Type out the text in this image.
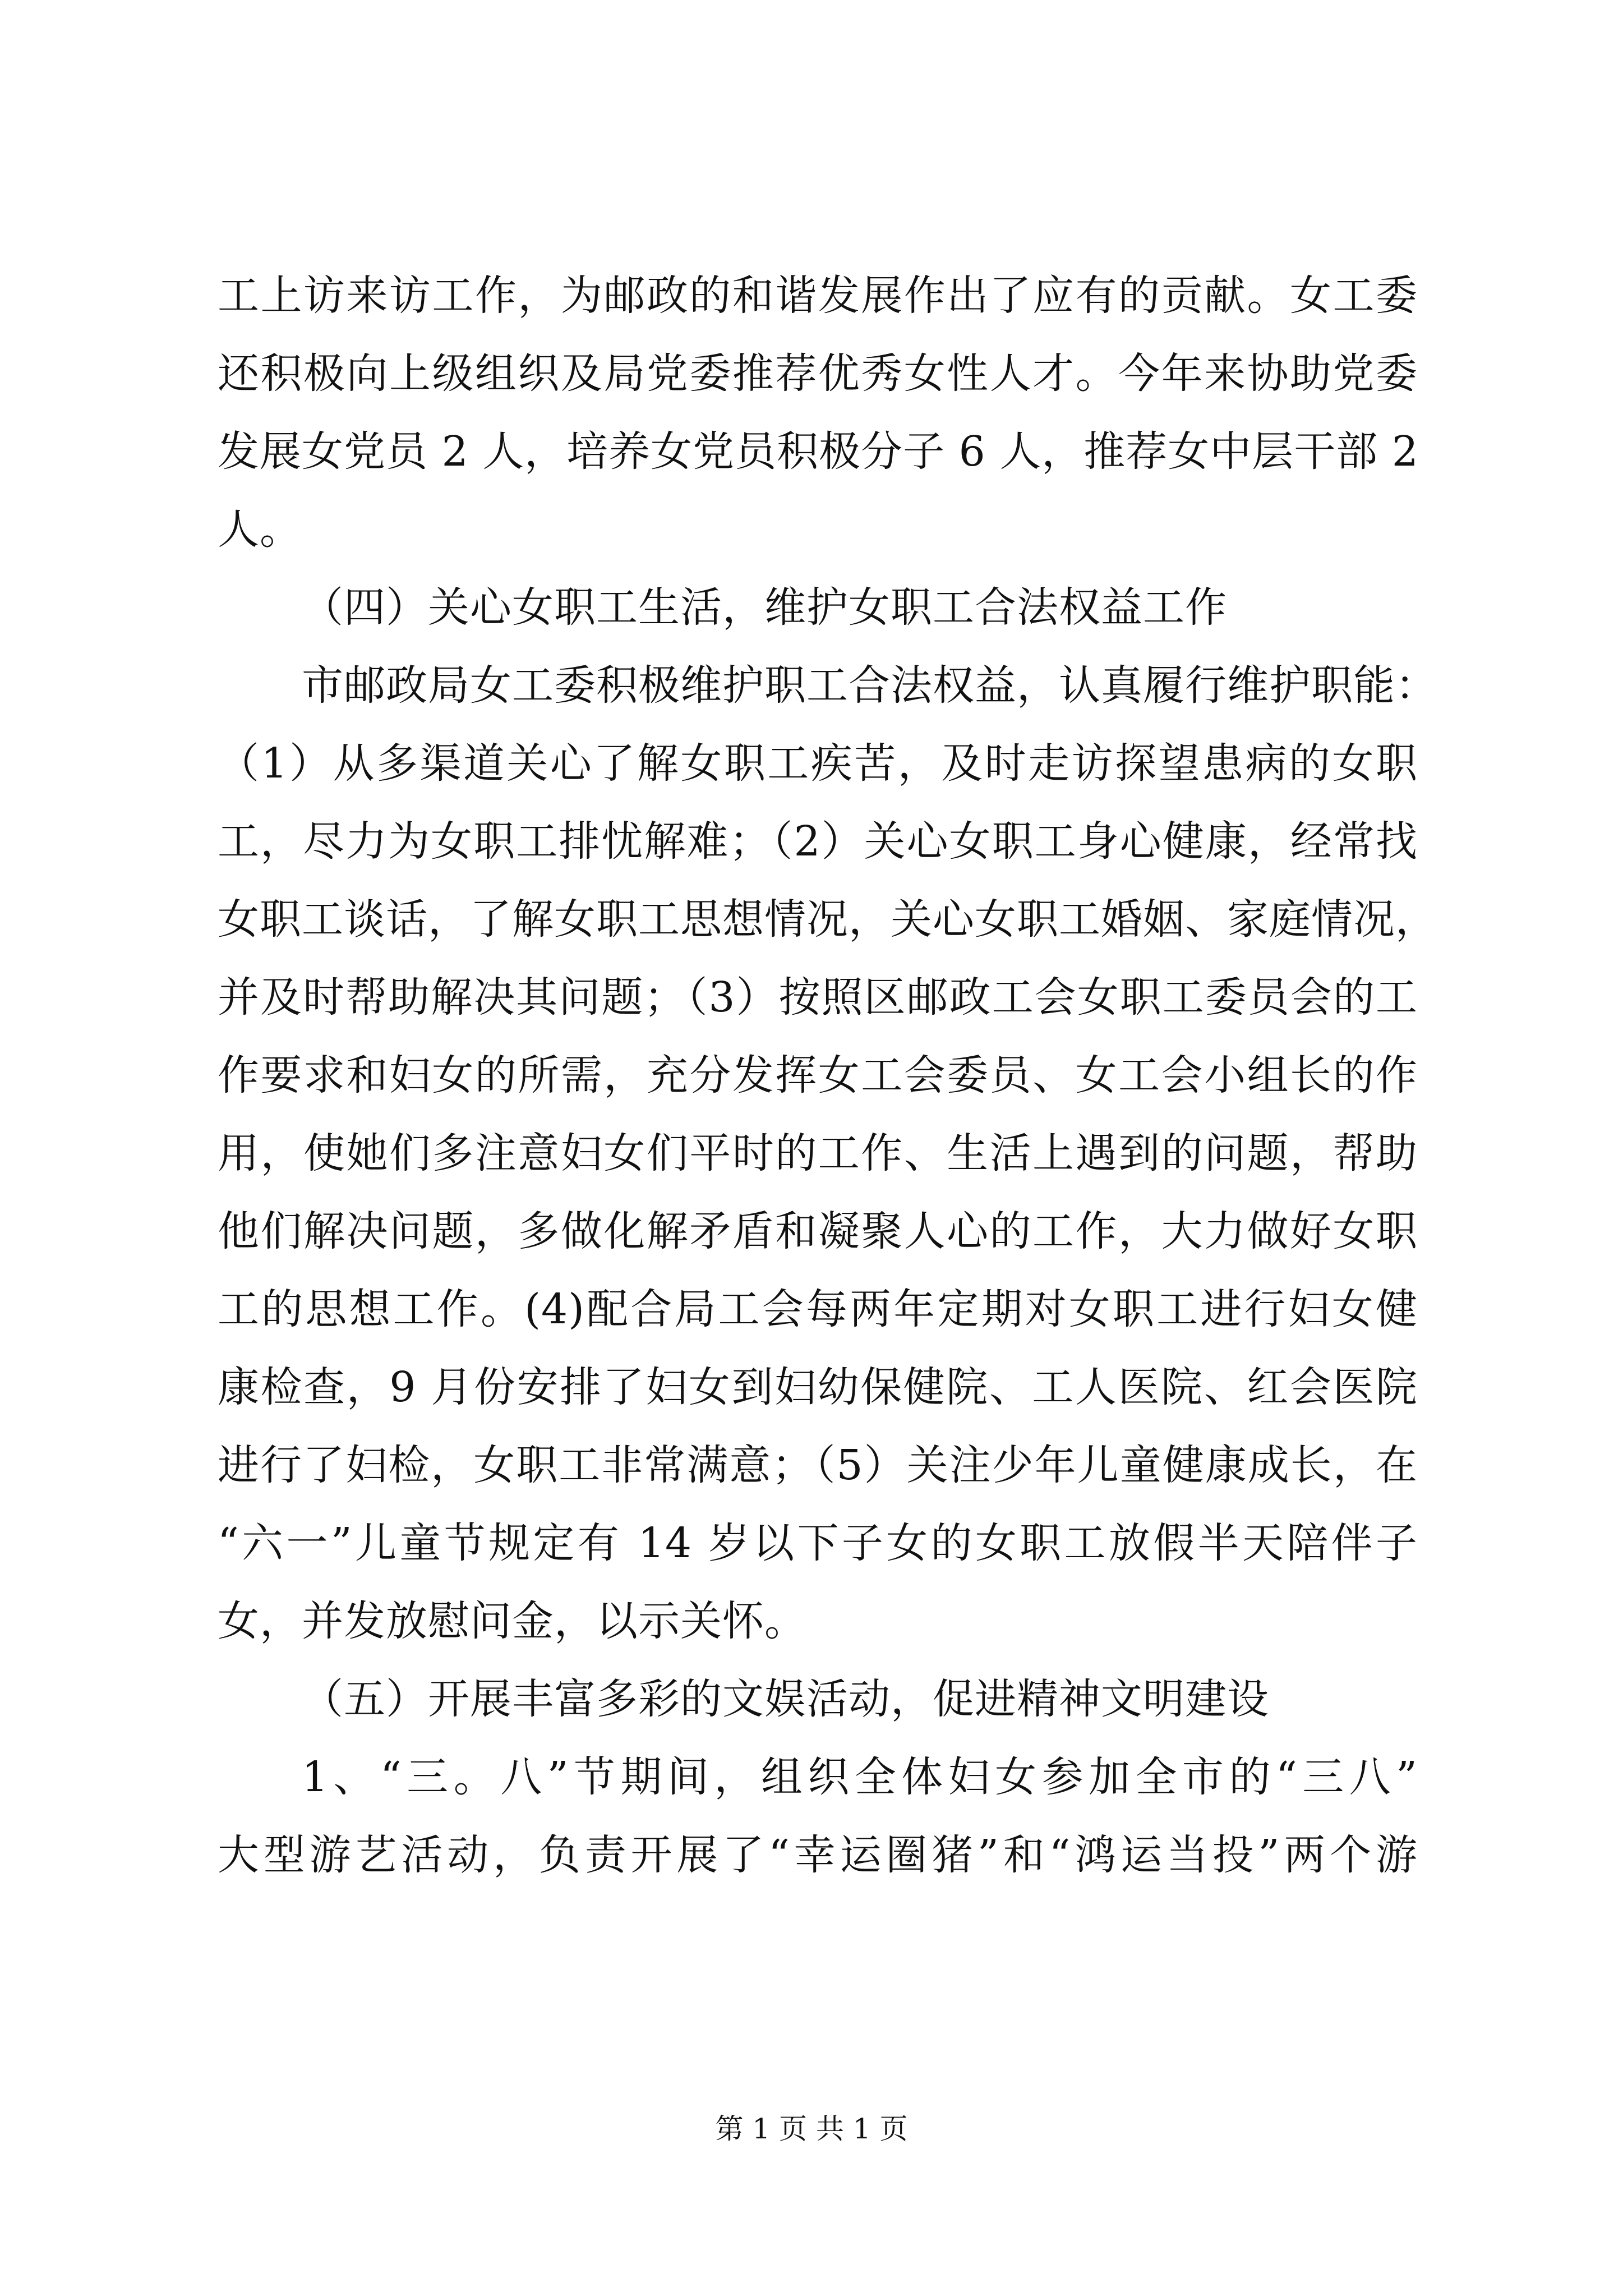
工上访来访工作，为邮政的和谐发展作出了应有的贡献。女工委
还积极向上级组织及局党委推荐优秀女性人才。今年来协助党委
发展女党员 2 人，培养女党员积极分子 6 人，推荐女中层干部 2
人。
（四）关心女职工生活，维护女职工合法权益工作
市邮政局女工委积极维护职工合法权益，认真履行维护职能：
（1）从多渠道关心了解女职工疾苦，及时走访探望患病的女职
工，尽力为女职工排忧解难；（2）关心女职工身心健康，经常找
女职工谈话，了解女职工思想情况，关心女职工婚姻、家庭情况，
并及时帮助解决其问题；（3）按照区邮政工会女职工委员会的工
作要求和妇女的所需，充分发挥女工会委员、女工会小组长的作
用，使她们多注意妇女们平时的工作、生活上遇到的问题，帮助
他们解决问题，多做化解矛盾和凝聚人心的工作，大力做好女职
工的思想工作。(4)配合局工会每两年定期对女职工进行妇女健
康检查，9 月份安排了妇女到妇幼保健院、工人医院、红会医院
进行了妇检，女职工非常满意；（5）关注少年儿童健康成长，在
“六一”儿童节规定有 14 岁以下子女的女职工放假半天陪伴子
女，并发放慰问金，以示关怀。
（五）开展丰富多彩的文娱活动，促进精神文明建设
1、“三。八”节期间，组织全体妇女参加全市的“三八”
大型游艺活动，负责开展了“幸运圈猪”和“鸿运当投”两个游
第 1 页 共 1 页
